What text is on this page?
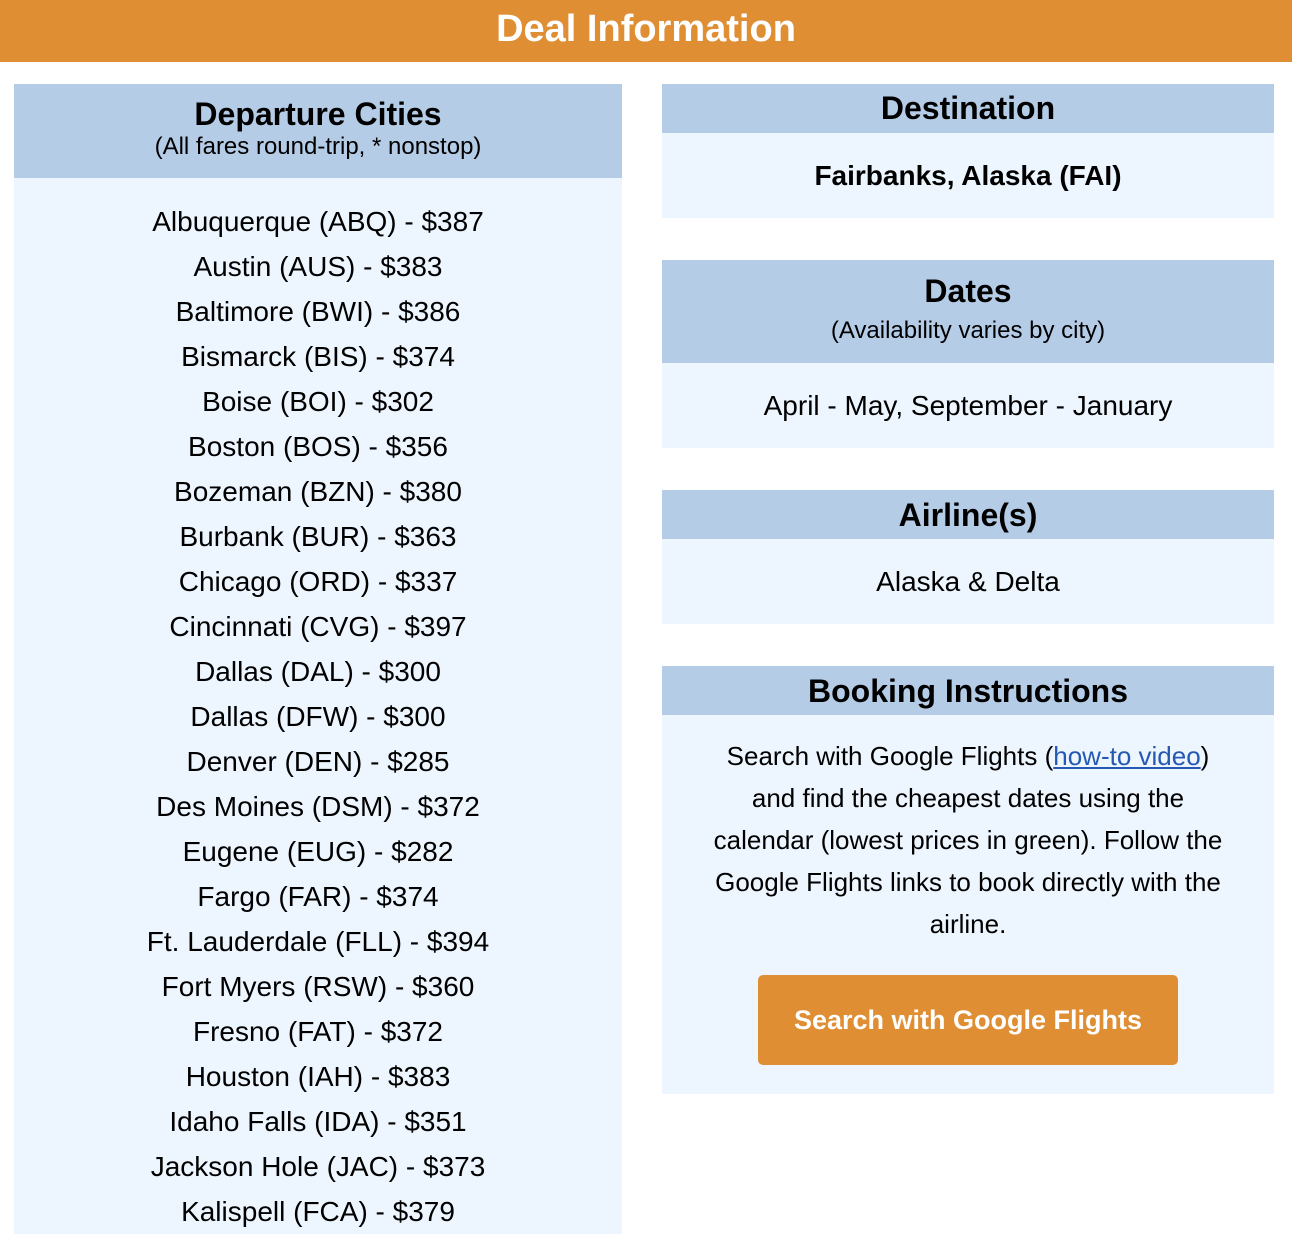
Deal Information
Departure Cities
(All fares round-trip, * nonstop)
Albuquerque (ABQ) - $387
Austin (AUS) - $383
Baltimore (BWI) - $386
Bismarck (BIS) - $374
Boise (BOI) - $302
Boston (BOS) - $356
Bozeman (BZN) - $380
Burbank (BUR) - $363
Chicago (ORD) - $337
Cincinnati (CVG) - $397
Dallas (DAL) - $300
Dallas (DFW) - $300
Denver (DEN) - $285
Des Moines (DSM) - $372
Eugene (EUG) - $282
Fargo (FAR) - $374
Ft. Lauderdale (FLL) - $394
Fort Myers (RSW) - $360
Fresno (FAT) - $372
Houston (IAH) - $383
Idaho Falls (IDA) - $351
Jackson Hole (JAC) - $373
Kalispell (FCA) - $379
Destination
Fairbanks, Alaska (FAI)
Dates
(Availability varies by city)
April - May, September - January
Airline(s)
Alaska & Delta
Booking Instructions
Search with Google Flights (how-to video) and find the cheapest dates using the calendar (lowest prices in green). Follow the Google Flights links to book directly with the airline.
Search with Google Flights
